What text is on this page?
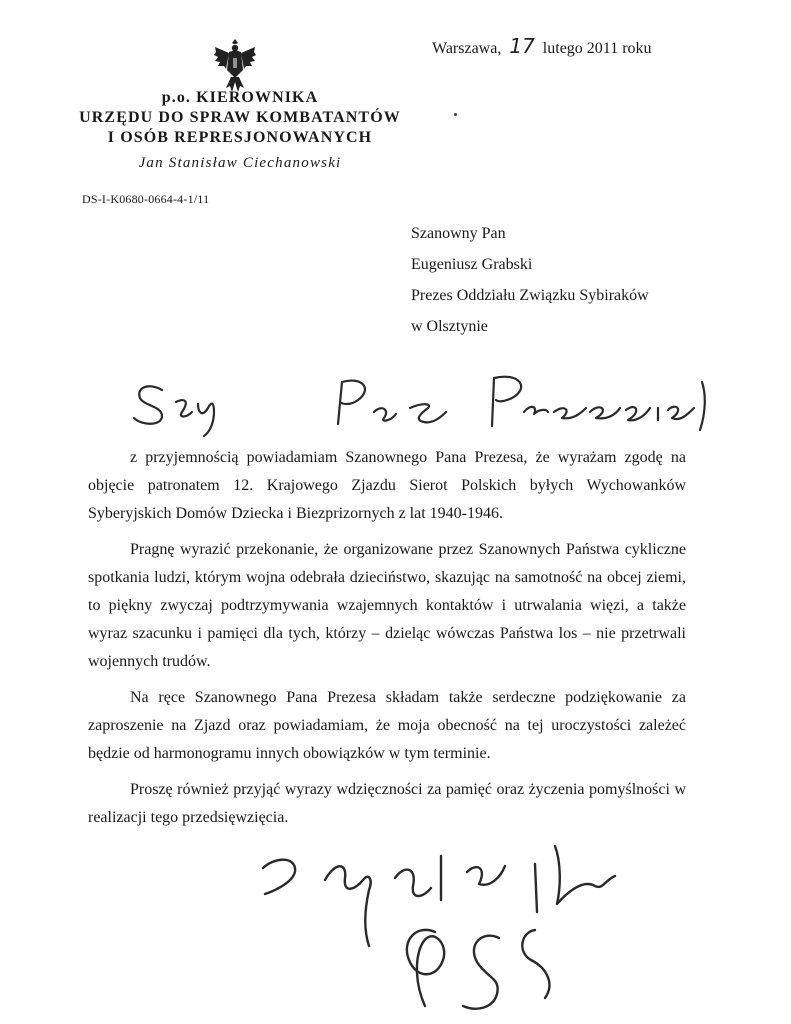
p.o. KIEROWNIKA
URZĘDU DO SPRAW KOMBATANTÓW
I OSÓB REPRESJONOWANYCH
Jan Stanisław Ciechanowski
DS-I-K0680-0664-4-1/11
Warszawa, 17 lutego 2011 roku
Szanowny Pan
Eugeniusz Grabski
Prezes Oddziału Związku Sybiraków
w Olsztynie

z przyjemnością powiadamiam Szanownego Pana Prezesa, że wyrażam zgodę na objęcie patronatem 12. Krajowego Zjazdu Sierot Polskich byłych Wychowanków Syberyjskich Domów Dziecka i Biezprizornych z lat 1940-1946.

Pragnę wyrazić przekonanie, że organizowane przez Szanownych Państwa cykliczne spotkania ludzi, którym wojna odebrała dzieciństwo, skazując na samotność na obcej ziemi, to piękny zwyczaj podtrzymywania wzajemnych kontaktów i utrwalania więzi, a także wyraz szacunku i pamięci dla tych, którzy – dzieląc wówczas Państwa los – nie przetrwali wojennych trudów.

Na ręce Szanownego Pana Prezesa składam także serdeczne podziękowanie za zaproszenie na Zjazd oraz powiadamiam, że moja obecność na tej uroczystości zależeć będzie od harmonogramu innych obowiązków w tym terminie.

Proszę również przyjąć wyrazy wdzięczności za pamięć oraz życzenia pomyślności w realizacji tego przedsięwzięcia.
